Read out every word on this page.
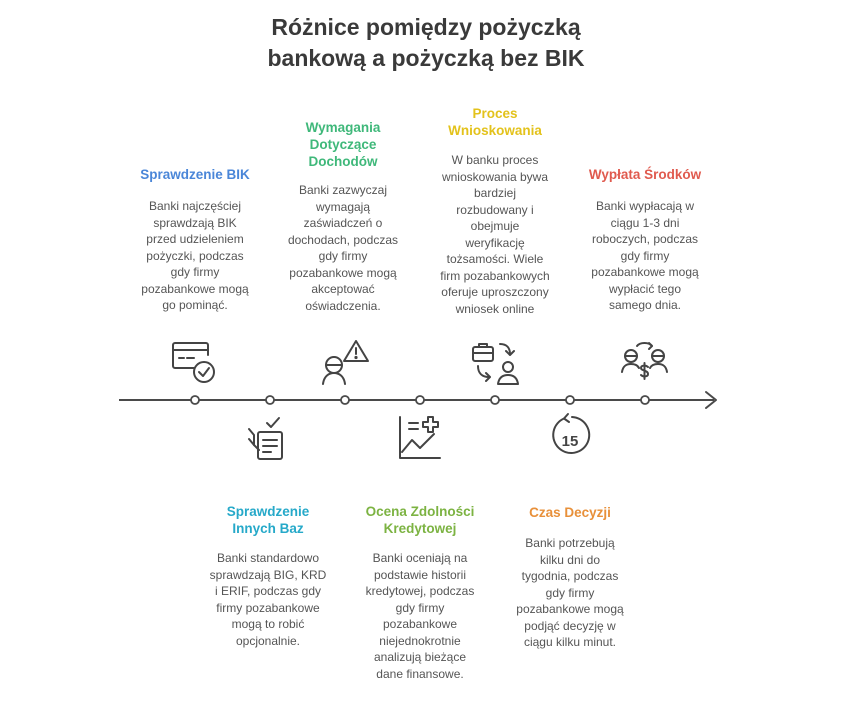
Różnice pomiędzy pożyczką
bankową a pożyczką bez BIK
15
Sprawdzenie BIK
Banki najczęściej
sprawdzają BIK
przed udzieleniem
pożyczki, podczas
gdy firmy
pozabankowe mogą
go pominąć.
Sprawdzenie
Innych Baz
Banki standardowo
sprawdzają BIG, KRD
i ERIF, podczas gdy
firmy pozabankowe
mogą to robić
opcjonalnie.
Wymagania
Dotyczące
Dochodów
Banki zazwyczaj
wymagają
zaświadczeń o
dochodach, podczas
gdy firmy
pozabankowe mogą
akceptować
oświadczenia.
Ocena Zdolności
Kredytowej
Banki oceniają na
podstawie historii
kredytowej, podczas
gdy firmy
pozabankowe
niejednokrotnie
analizują bieżące
dane finansowe.
Proces
Wnioskowania
W banku proces
wnioskowania bywa
bardziej
rozbudowany i
obejmuje
weryfikację
tożsamości. Wiele
firm pozabankowych
oferuje uproszczony
wniosek online
Czas Decyzji
Banki potrzebują
kilku dni do
tygodnia, podczas
gdy firmy
pozabankowe mogą
podjąć decyzję w
ciągu kilku minut.
Wypłata Środków
Banki wypłacają w
ciągu 1-3 dni
roboczych, podczas
gdy firmy
pozabankowe mogą
wypłacić tego
samego dnia.
